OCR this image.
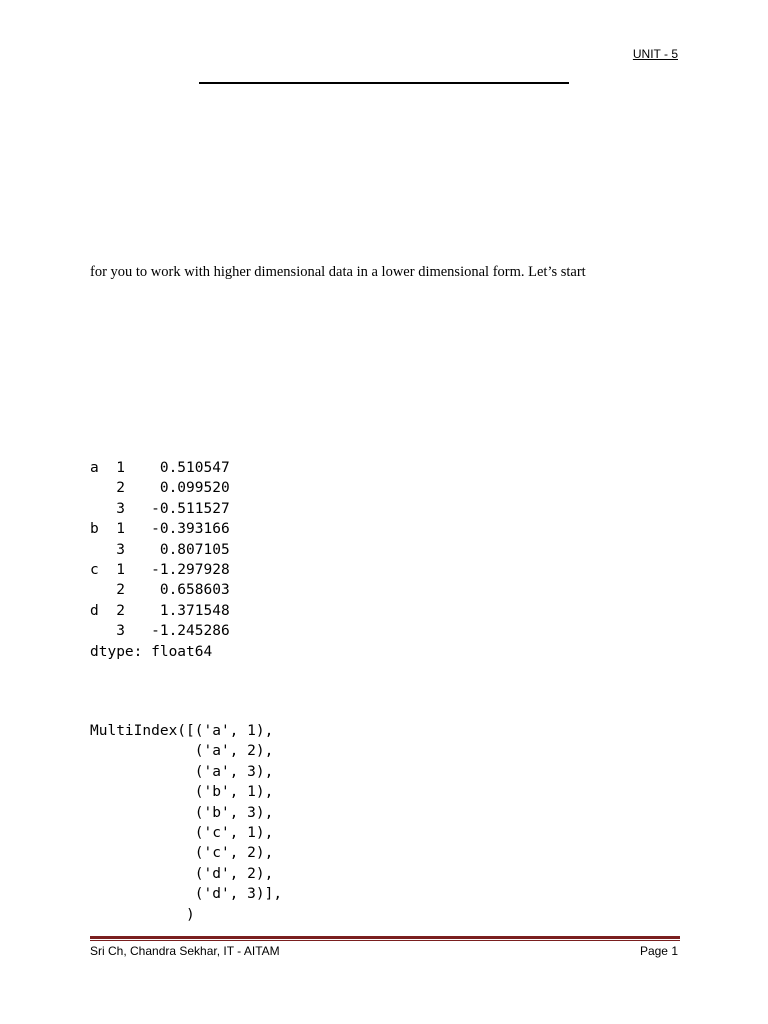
UNIT - 5
for you to work with higher dimensional data in a lower dimensional form. Let’s start
a  1    0.510547
2    0.099520
3   -0.511527
b  1   -0.393166
3    0.807105
c  1   -1.297928
2    0.658603
d  2    1.371548
3   -1.245286
dtype: float64
MultiIndex([('a', 1),
('a', 2),
('a', 3),
('b', 1),
('b', 3),
('c', 1),
('c', 2),
('d', 2),
('d', 3)],
)
Sri Ch, Chandra Sekhar, IT - AITAM	Page 1
